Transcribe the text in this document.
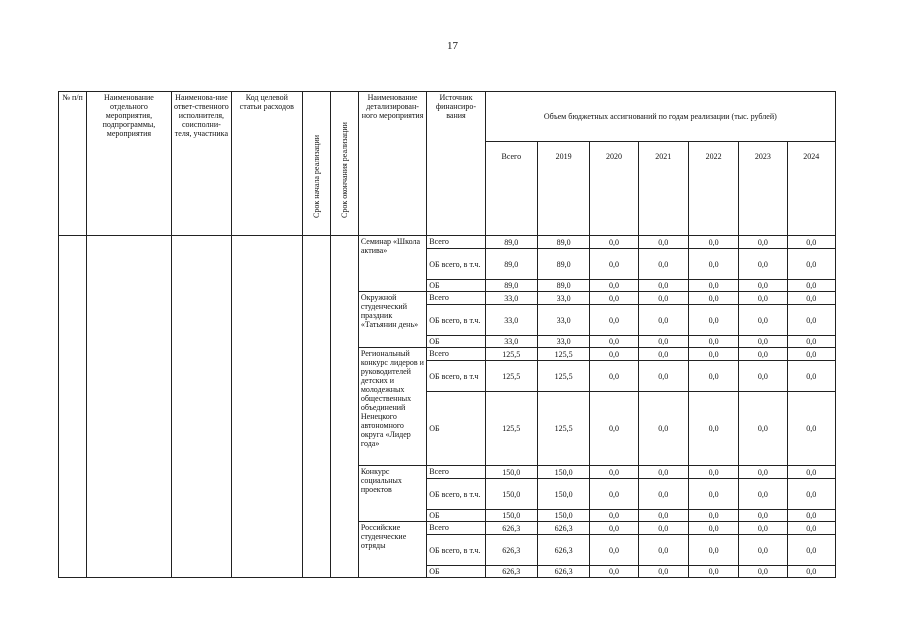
17
№ п/п	Наименование отдельного мероприятия, подпрограммы, мероприятия	Наименова-ние ответ-ственного исполнителя, соисполни-теля, участника	Код целевой статьи расходов	Срок начала реализации	Срок окончания реализации	Наименование детализирован-ного мероприятия	Источник финансиро-вания	Объем бюджетных ассигнований по годам реализации (тыс. рублей)						
								Всего	2019	2020	2021	2022	2023	2024
						Семинар «Школа актива»	Всего	89,0	89,0	0,0	0,0	0,0	0,0	0,0
							ОБ всего, в т.ч.	89,0	89,0	0,0	0,0	0,0	0,0	0,0
							ОБ	89,0	89,0	0,0	0,0	0,0	0,0	0,0
						Окружной студенческий праздник «Татьянин день»	Всего	33,0	33,0	0,0	0,0	0,0	0,0	0,0
							ОБ всего, в т.ч.	33,0	33,0	0,0	0,0	0,0	0,0	0,0
							ОБ	33,0	33,0	0,0	0,0	0,0	0,0	0,0
						Региональный конкурс лидеров и руководителей детских и молодежных общественных объединений Ненецкого автономного округа «Лидер года»	Всего	125,5	125,5	0,0	0,0	0,0	0,0	0,0
							ОБ всего, в т.ч	125,5	125,5	0,0	0,0	0,0	0,0	0,0
							ОБ	125,5	125,5	0,0	0,0	0,0	0,0	0,0
						Конкурс социальных проектов	Всего	150,0	150,0	0,0	0,0	0,0	0,0	0,0
							ОБ всего, в т.ч.	150,0	150,0	0,0	0,0	0,0	0,0	0,0
							ОБ	150,0	150,0	0,0	0,0	0,0	0,0	0,0
						Российские студенческие отряды	Всего	626,3	626,3	0,0	0,0	0,0	0,0	0,0
							ОБ всего, в т.ч.	626,3	626,3	0,0	0,0	0,0	0,0	0,0
							ОБ	626,3	626,3	0,0	0,0	0,0	0,0	0,0
